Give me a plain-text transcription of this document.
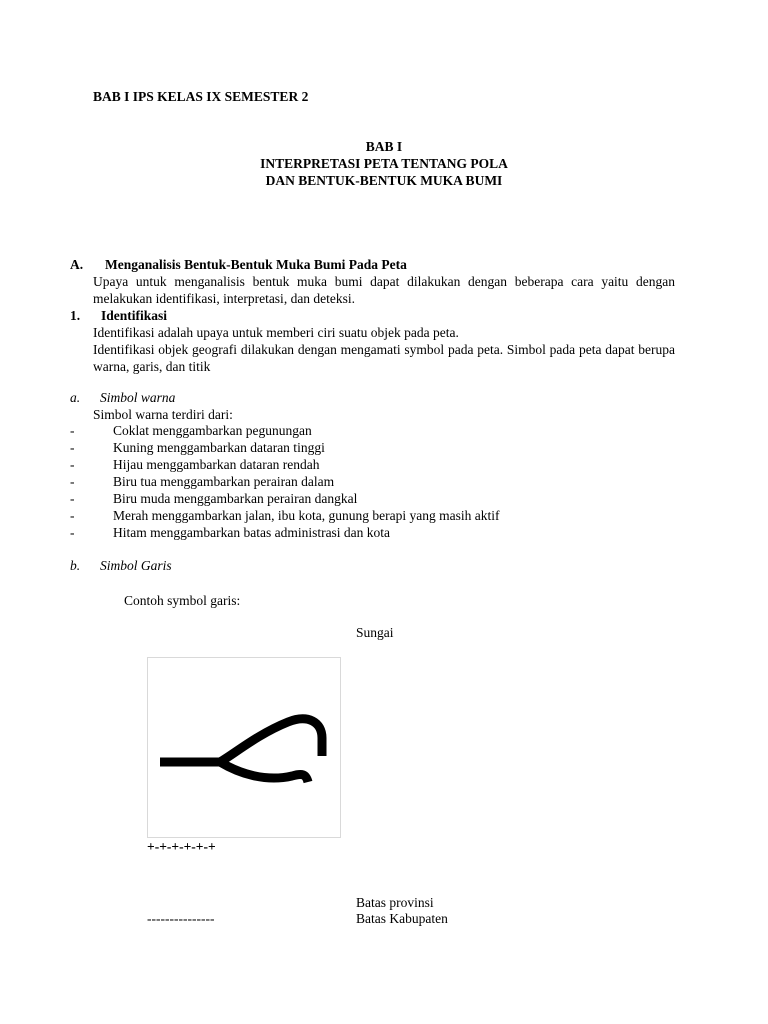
BAB I IPS KELAS IX SEMESTER 2
BAB I
INTERPRETASI PETA TENTANG POLA
DAN BENTUK-BENTUK MUKA BUMI
A. Menganalisis Bentuk-Bentuk Muka Bumi Pada Peta
Upaya untuk menganalisis bentuk muka bumi dapat dilakukan dengan beberapa cara yaitu dengan melakukan identifikasi, interpretasi, dan deteksi.
1. Identifikasi
Identifikasi adalah upaya untuk memberi ciri suatu objek pada peta.
Identifikasi objek geografi dilakukan dengan mengamati symbol pada peta. Simbol pada peta dapat berupa warna, garis, dan titik
a. Simbol warna
Simbol warna terdiri dari:
-	Coklat menggambarkan pegunungan
-	Kuning menggambarkan dataran tinggi
-	Hijau menggambarkan dataran rendah
-	Biru tua menggambarkan perairan dalam
-	Biru muda menggambarkan perairan dangkal
-	Merah menggambarkan jalan, ibu kota, gunung berapi yang masih aktif
-	Hitam menggambarkan batas administrasi dan kota
b. Simbol Garis
Contoh symbol garis:
Sungai
+-+-+-+-+-+
Batas provinsi
---------------	Batas Kabupaten
